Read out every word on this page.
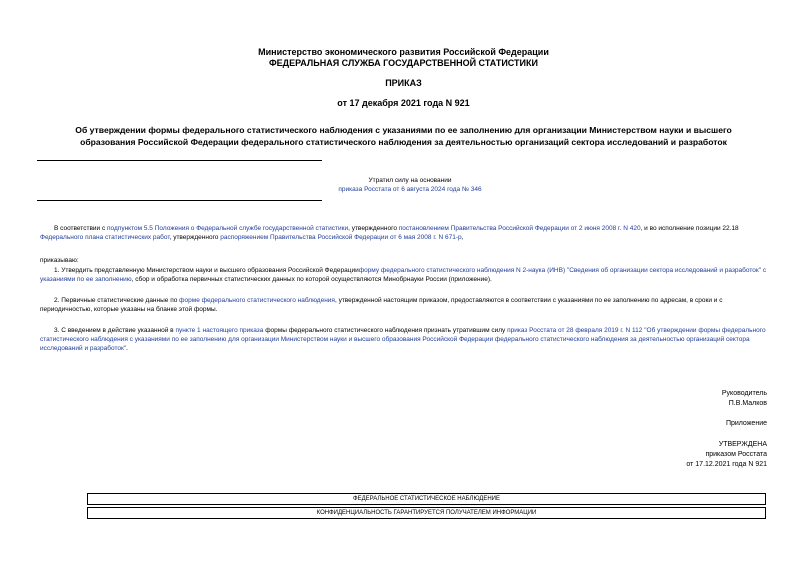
Министерство экономического развития Российской Федерации
ФЕДЕРАЛЬНАЯ СЛУЖБА ГОСУДАРСТВЕННОЙ СТАТИСТИКИ
ПРИКАЗ
от 17 декабря 2021 года N 921
Об утверждении формы федерального статистического наблюдения с указаниями по ее заполнению для организации Министерством науки и высшего
образования Российской Федерации федерального статистического наблюдения за деятельностью организаций сектора исследований и разработок
Утратил силу на основании
приказа Росстата от 6 августа 2024 года № 346

В соответствии с подпунктом 5.5 Положения о Федеральной службе государственной статистики, утвержденного постановлением Правительства Российской Федерации от 2 июня 2008 г. N 420, и во исполнение позиции 22.18 Федерального плана статистических работ, утвержденного распоряжением Правительства Российской Федерации от 6 мая 2008 г. N 671-р,

приказываю:

1. Утвердить представленную Министерством науки и высшего образования Российской Федерацииформу федерального статистического наблюдения N 2-наука (ИНВ) "Сведения об организации сектора исследований и разработок" с указаниями по ее заполнению, сбор и обработка первичных статистических данных по которой осуществляются Минобрнауки России (приложение).

2. Первичные статистические данные по форме федерального статистического наблюдения, утвержденной настоящим приказом, предоставляются в соответствии с указаниями по ее заполнению по адресам, в сроки и с периодичностью, которые указаны на бланке этой формы.

3. С введением в действие указанной в пункте 1 настоящего приказа формы федерального статистического наблюдения признать утратившим силу приказ Росстата от 28 февраля 2019 г. N 112 "Об утверждении формы федерального статистического наблюдения с указаниями по ее заполнению для организации Министерством науки и высшего образования Российской Федерации федерального статистического наблюдения за деятельностью организаций сектора исследований и разработок".

Руководитель
П.В.Малков
Приложение
УТВЕРЖДЕНА
приказом Росстата
от 17.12.2021 года N 921
ФЕДЕРАЛЬНОЕ СТАТИСТИЧЕСКОЕ НАБЛЮДЕНИЕ
КОНФИДЕНЦИАЛЬНОСТЬ ГАРАНТИРУЕТСЯ ПОЛУЧАТЕЛЕМ ИНФОРМАЦИИ
